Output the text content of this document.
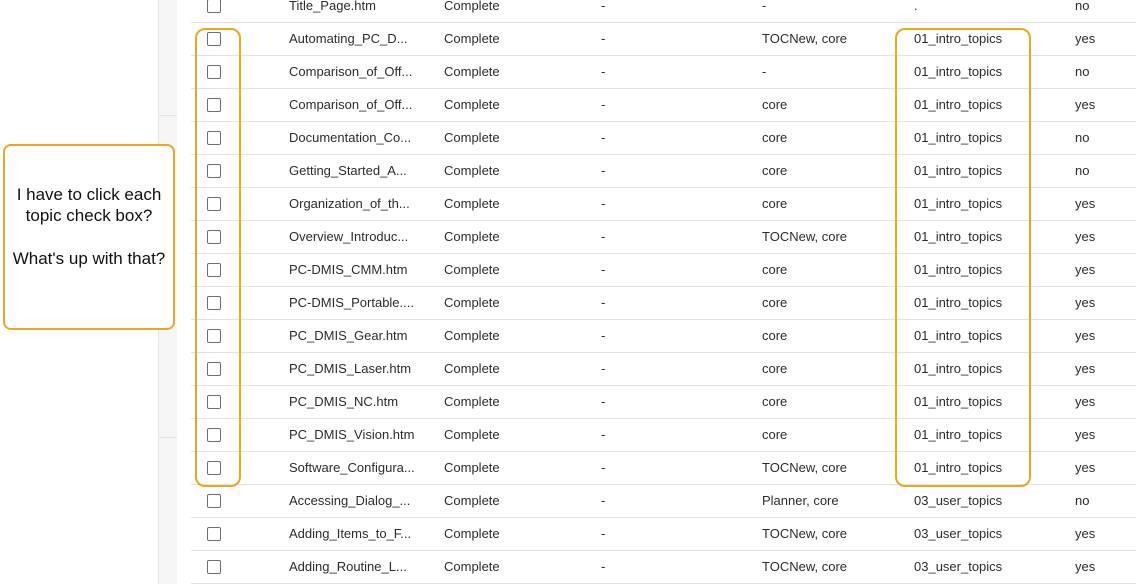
Title_Page.htm	Complete	-	-	.	no
Automating_PC_D...	Complete	-	TOCNew, core	01_intro_topics	yes
Comparison_of_Off... Complete	-	-	01_intro_topics	no
Comparison_of_Off... Complete	-	core	01_intro_topics	yes
Documentation_Co...	Complete	-	core	01_intro_topics	no
Getting_Started_A...	Complete	-	core	01_intro_topics	no
Organization_of_th...	Complete	-	core	01_intro_topics	yes
Overview_Introduc...	Complete	-	TOCNew, core	01_intro_topics	yes
PC-DMIS_CMM.htm	Complete	-	core	01_intro_topics	yes
PC-DMIS_Portable.... Complete	-	core	01_intro_topics	yes
PC_DMIS_Gear.htm	Complete	-	core	01_intro_topics	yes
PC_DMIS_Laser.htm	Complete	-	core	01_intro_topics	yes
PC_DMIS_NC.htm	Complete	-	core	01_intro_topics	yes
PC_DMIS_Vision.htm Complete	-	core	01_intro_topics	yes
Software_Configura... Complete	-	TOCNew, core	01_intro_topics	yes
Accessing_Dialog_...	Complete	-	Planner, core	03_user_topics	no
Adding_Items_to_F...	Complete	-	TOCNew, core	03_user_topics	yes
Adding_Routine_L...	Complete	-	TOCNew, core	03_user_topics	yes

I have to click each topic check box?

What's up with that?
